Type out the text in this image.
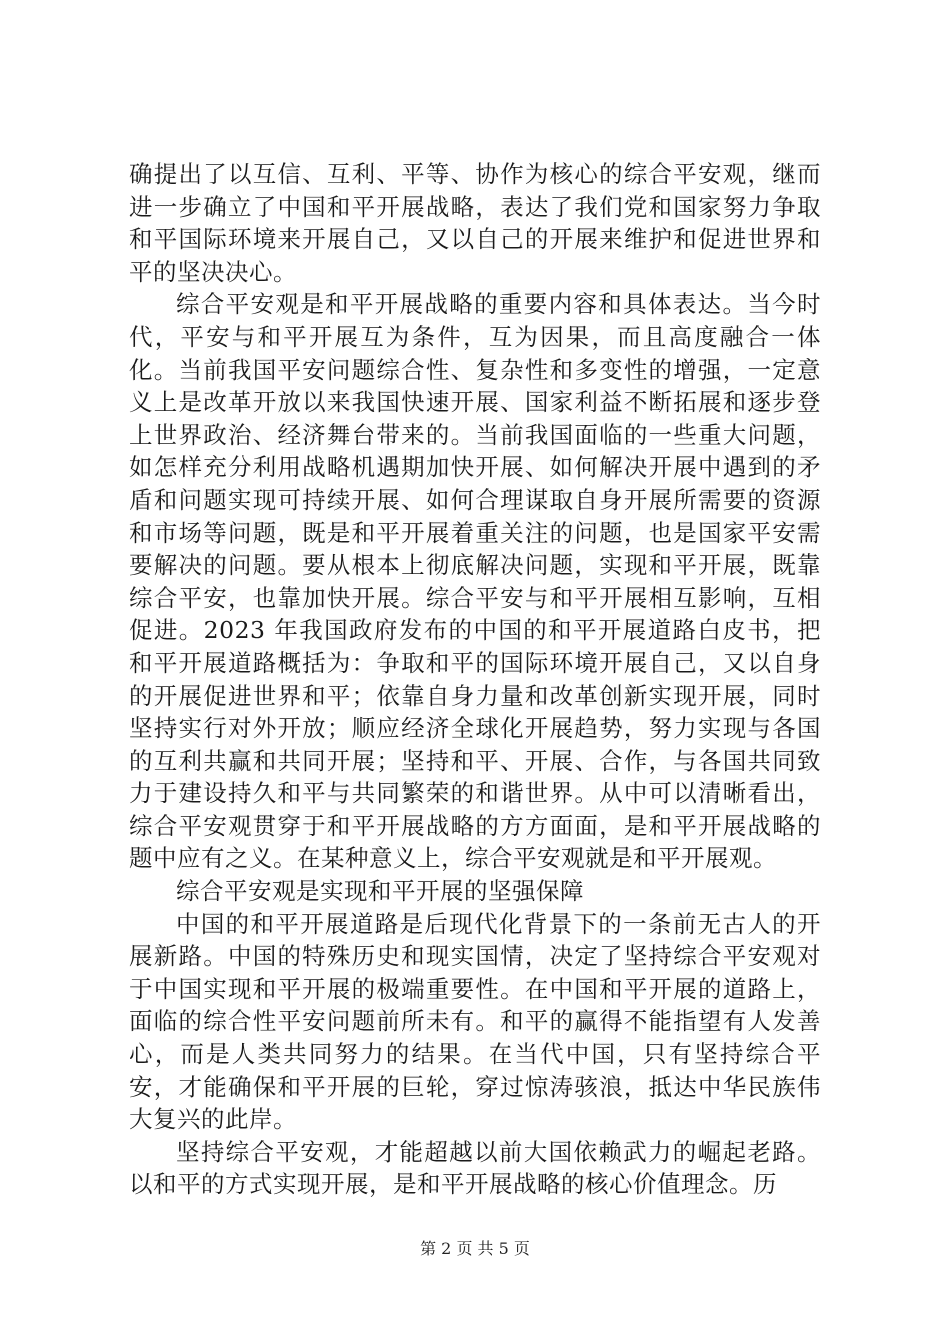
确提出了以互信、互利、平等、协作为核心的综合平安观，继而进一步确立了中国和平开展战略，表达了我们党和国家努力争取和平国际环境来开展自己，又以自己的开展来维护和促进世界和平的坚决决心。

综合平安观是和平开展战略的重要内容和具体表达。当今时代，平安与和平开展互为条件，互为因果，而且高度融合一体化。当前我国平安问题综合性、复杂性和多变性的增强，一定意义上是改革开放以来我国快速开展、国家利益不断拓展和逐步登上世界政治、经济舞台带来的。当前我国面临的一些重大问题，如怎样充分利用战略机遇期加快开展、如何解决开展中遇到的矛盾和问题实现可持续开展、如何合理谋取自身开展所需要的资源和市场等问题，既是和平开展着重关注的问题，也是国家平安需要解决的问题。要从根本上彻底解决问题，实现和平开展，既靠综合平安，也靠加快开展。综合平安与和平开展相互影响，互相促进。2023 年我国政府发布的中国的和平开展道路白皮书，把和平开展道路概括为：争取和平的国际环境开展自己，又以自身的开展促进世界和平；依靠自身力量和改革创新实现开展，同时坚持实行对外开放；顺应经济全球化开展趋势，努力实现与各国的互利共赢和共同开展；坚持和平、开展、合作，与各国共同致力于建设持久和平与共同繁荣的和谐世界。从中可以清晰看出，综合平安观贯穿于和平开展战略的方方面面，是和平开展战略的题中应有之义。在某种意义上，综合平安观就是和平开展观。

综合平安观是实现和平开展的坚强保障

中国的和平开展道路是后现代化背景下的一条前无古人的开展新路。中国的特殊历史和现实国情，决定了坚持综合平安观对于中国实现和平开展的极端重要性。在中国和平开展的道路上，面临的综合性平安问题前所未有。和平的赢得不能指望有人发善心，而是人类共同努力的结果。在当代中国，只有坚持综合平安，才能确保和平开展的巨轮，穿过惊涛骇浪，抵达中华民族伟大复兴的此岸。

坚持综合平安观，才能超越以前大国依赖武力的崛起老路。以和平的方式实现开展，是和平开展战略的核心价值理念。历

第 2 页 共 5 页
